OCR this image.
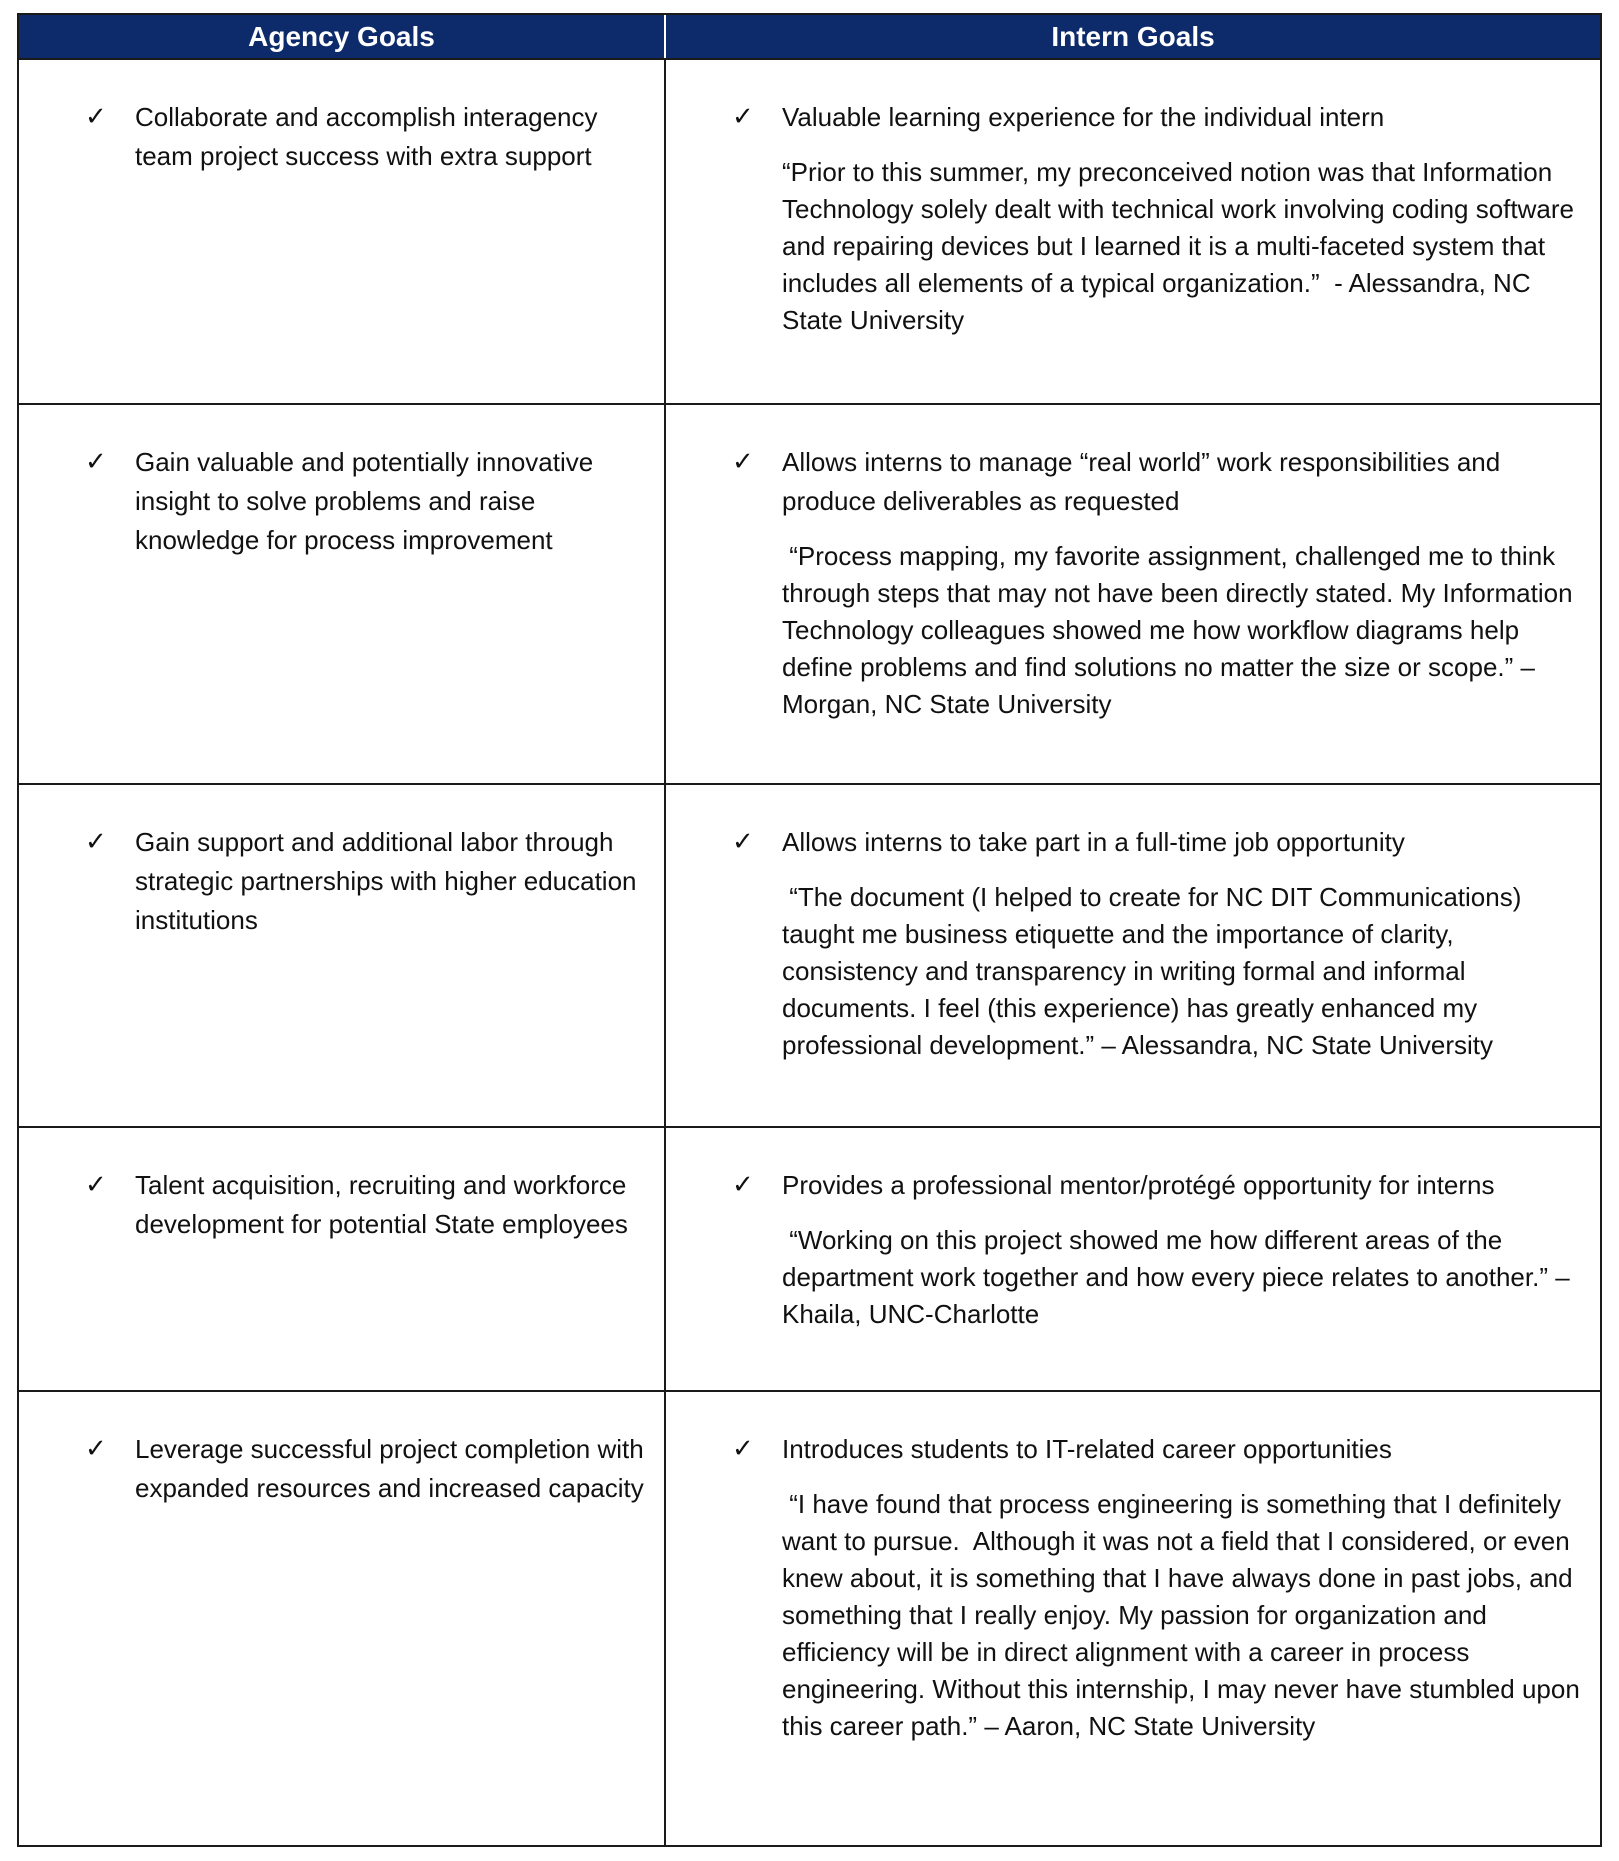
Agency Goals	Intern Goals
✓ Collaborate and accomplish interagency team project success with extra support
✓ Valuable learning experience for the individual intern
“Prior to this summer, my preconceived notion was that Information Technology solely dealt with technical work involving coding software and repairing devices but I learned it is a multi-faceted system that includes all elements of a typical organization.”  - Alessandra, NC State University
✓ Gain valuable and potentially innovative insight to solve problems and raise knowledge for process improvement
✓ Allows interns to manage “real world” work responsibilities and produce deliverables as requested
“Process mapping, my favorite assignment, challenged me to think through steps that may not have been directly stated. My Information Technology colleagues showed me how workflow diagrams help define problems and find solutions no matter the size or scope.” – Morgan, NC State University
✓ Gain support and additional labor through strategic partnerships with higher education institutions
✓ Allows interns to take part in a full-time job opportunity
“The document (I helped to create for NC DIT Communications) taught me business etiquette and the importance of clarity, consistency and transparency in writing formal and informal documents. I feel (this experience) has greatly enhanced my professional development.” – Alessandra, NC State University
✓ Talent acquisition, recruiting and workforce development for potential State employees
✓ Provides a professional mentor/protégé opportunity for interns
“Working on this project showed me how different areas of the department work together and how every piece relates to another.” – Khaila, UNC-Charlotte
✓ Leverage successful project completion with expanded resources and increased capacity
✓ Introduces students to IT-related career opportunities
“I have found that process engineering is something that I definitely want to pursue.  Although it was not a field that I considered, or even knew about, it is something that I have always done in past jobs, and something that I really enjoy. My passion for organization and efficiency will be in direct alignment with a career in process engineering. Without this internship, I may never have stumbled upon this career path.” – Aaron, NC State University
